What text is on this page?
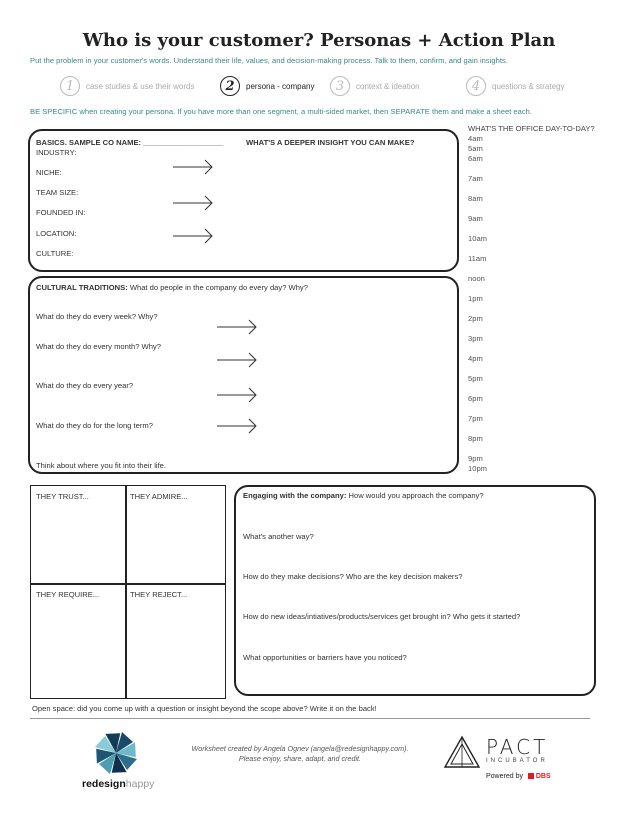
Who is your customer? Personas + Action Plan
Put the problem in your customer's words. Understand their life, values, and decision-making process. Talk to them, confirm, and gain insights.
1	case studies & use their words	2	persona - company	3	context & ideation	4	questions & strategy
BE SPECIFIC when creating your persona. If you have more than one segment, a multi-sided market, then SEPARATE them and make a sheet each.
BASICS. SAMPLE CO NAME: ___________________	WHAT'S A DEEPER INSIGHT YOU CAN MAKE?
INDUSTRY:
NICHE:
TEAM SIZE:
FOUNDED IN:
LOCATION:
CULTURE:
WHAT'S THE OFFICE DAY-TO-DAY?
4am
5am
6am
7am
8am
9am
10am
11am
noon
1pm
2pm
3pm
4pm
5pm
6pm
7pm
8pm
9pm
10pm
CULTURAL TRADITIONS: What do people in the company do every day? Why?
What do they do every week? Why?
What do they do every month? Why?
What do they do every year?
What do they do for the long term?
Think about where you fit into their life.
THEY TRUST...	THEY ADMIRE...
THEY REQUIRE...	THEY REJECT...
Engaging with the company: How would you approach the company?
What's another way?
How do they make decisions? Who are the key decision makers?
How do new ideas/intiatives/products/services get brought in? Who gets it started?
What opportunities or barriers have you noticed?
Open space: did you come up with a question or insight beyond the scope above? Write it on the back!
redesignhappy
Worksheet created by Angela Ognev (angela@redesignhappy.com).
Please enjoy, share, adapt, and credit.	PACT
INCUBATOR
Powered by DBS
